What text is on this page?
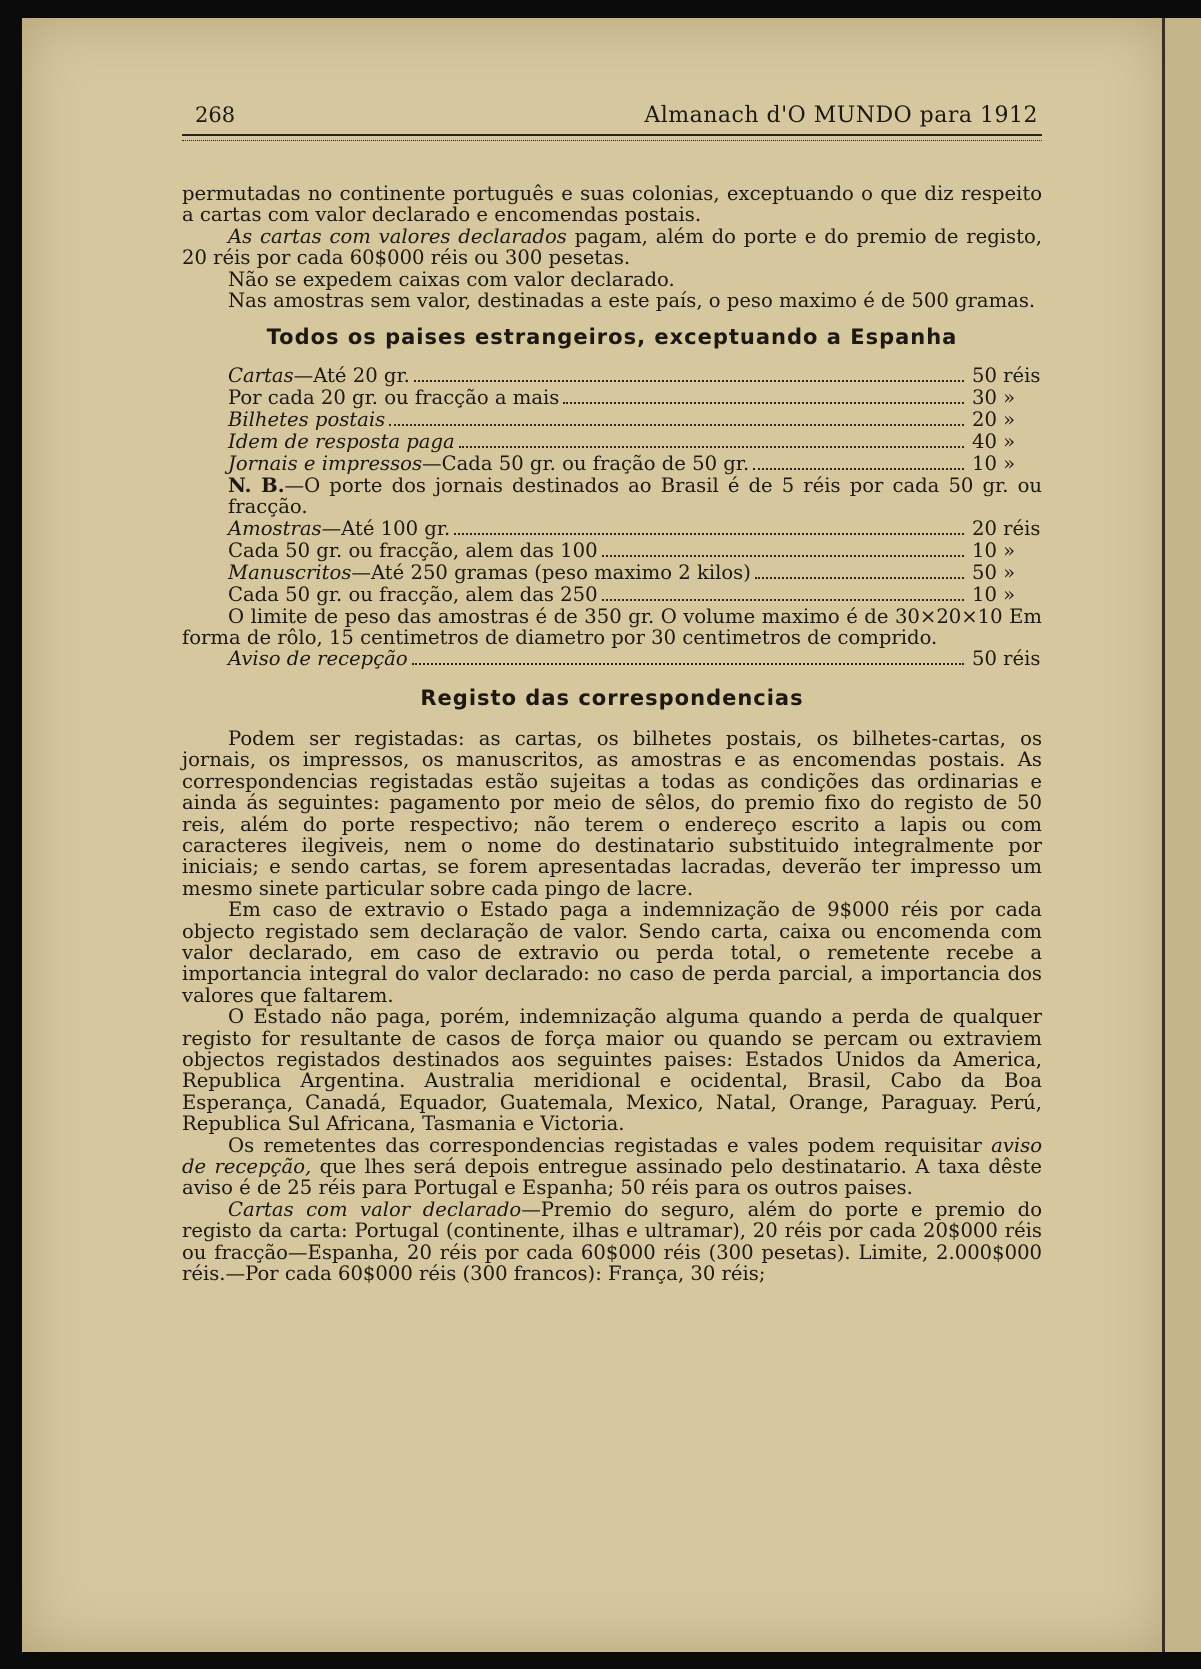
268	Almanach d'O MUNDO para 1912

permutadas no continente português e suas colonias, exceptuando o que diz respeito a cartas com valor declarado e encomendas postais.

As cartas com valores declarados pagam, além do porte e do premio de registo, 20 réis por cada 60$000 réis ou 300 pesetas.

Não se expedem caixas com valor declarado.

Nas amostras sem valor, destinadas a este país, o peso maximo é de 500 gramas.

Todos os paises estrangeiros, exceptuando a Espanha
Cartas—Até 20 gr.	50 réis
Por cada 20 gr. ou fracção a mais	30 »
Bilhetes postais	20 »
Idem de resposta paga	40 »
Jornais e impressos—Cada 50 gr. ou fração de 50 gr.	10 »

N. B.—O porte dos jornais destinados ao Brasil é de 5 réis por cada 50 gr. ou fracção.

Amostras—Até 100 gr.	20 réis
Cada 50 gr. ou fracção, alem das 100	10 »
Manuscritos—Até 250 gramas (peso maximo 2 kilos)	50 »
Cada 50 gr. ou fracção, alem das 250	10 »

O limite de peso das amostras é de 350 gr. O volume maximo é de 30×20×10 Em forma de rôlo, 15 centimetros de diametro por 30 centimetros de comprido.

Aviso de recepção	50 réis
Registo das correspondencias

Podem ser registadas: as cartas, os bilhetes postais, os bilhetes-cartas, os jornais, os impressos, os manuscritos, as amostras e as encomendas postais. As correspondencias registadas estão sujeitas a todas as condições das ordinarias e ainda ás seguintes: pagamento por meio de sêlos, do premio fixo do registo de 50 reis, além do porte respectivo; não terem o endereço escrito a lapis ou com caracteres ilegiveis, nem o nome do destinatario substituido integralmente por iniciais; e sendo cartas, se forem apresentadas lacradas, deverão ter impresso um mesmo sinete particular sobre cada pingo de lacre.

Em caso de extravio o Estado paga a indemnização de 9$000 réis por cada objecto registado sem declaração de valor. Sendo carta, caixa ou encomenda com valor declarado, em caso de extravio ou perda total, o remetente recebe a importancia integral do valor declarado: no caso de perda parcial, a importancia dos valores que faltarem.

O Estado não paga, porém, indemnização alguma quando a perda de qualquer registo for resultante de casos de força maior ou quando se percam ou extraviem objectos registados destinados aos seguintes paises: Estados Unidos da America, Republica Argentina. Australia meridional e ocidental, Brasil, Cabo da Boa Esperança, Canadá, Equador, Guatemala, Mexico, Natal, Orange, Paraguay. Perú, Republica Sul Africana, Tasmania e Victoria.

Os remetentes das correspondencias registadas e vales podem requisitar aviso de recepção, que lhes será depois entregue assinado pelo destinatario. A taxa dêste aviso é de 25 réis para Portugal e Espanha; 50 réis para os outros paises.

Cartas com valor declarado—Premio do seguro, além do porte e premio do registo da carta: Portugal (continente, ilhas e ultramar), 20 réis por cada 20$000 réis ou fracção—Espanha, 20 réis por cada 60$000 réis (300 pesetas). Limite, 2.000$000 réis.—Por cada 60$000 réis (300 francos): França, 30 réis;
